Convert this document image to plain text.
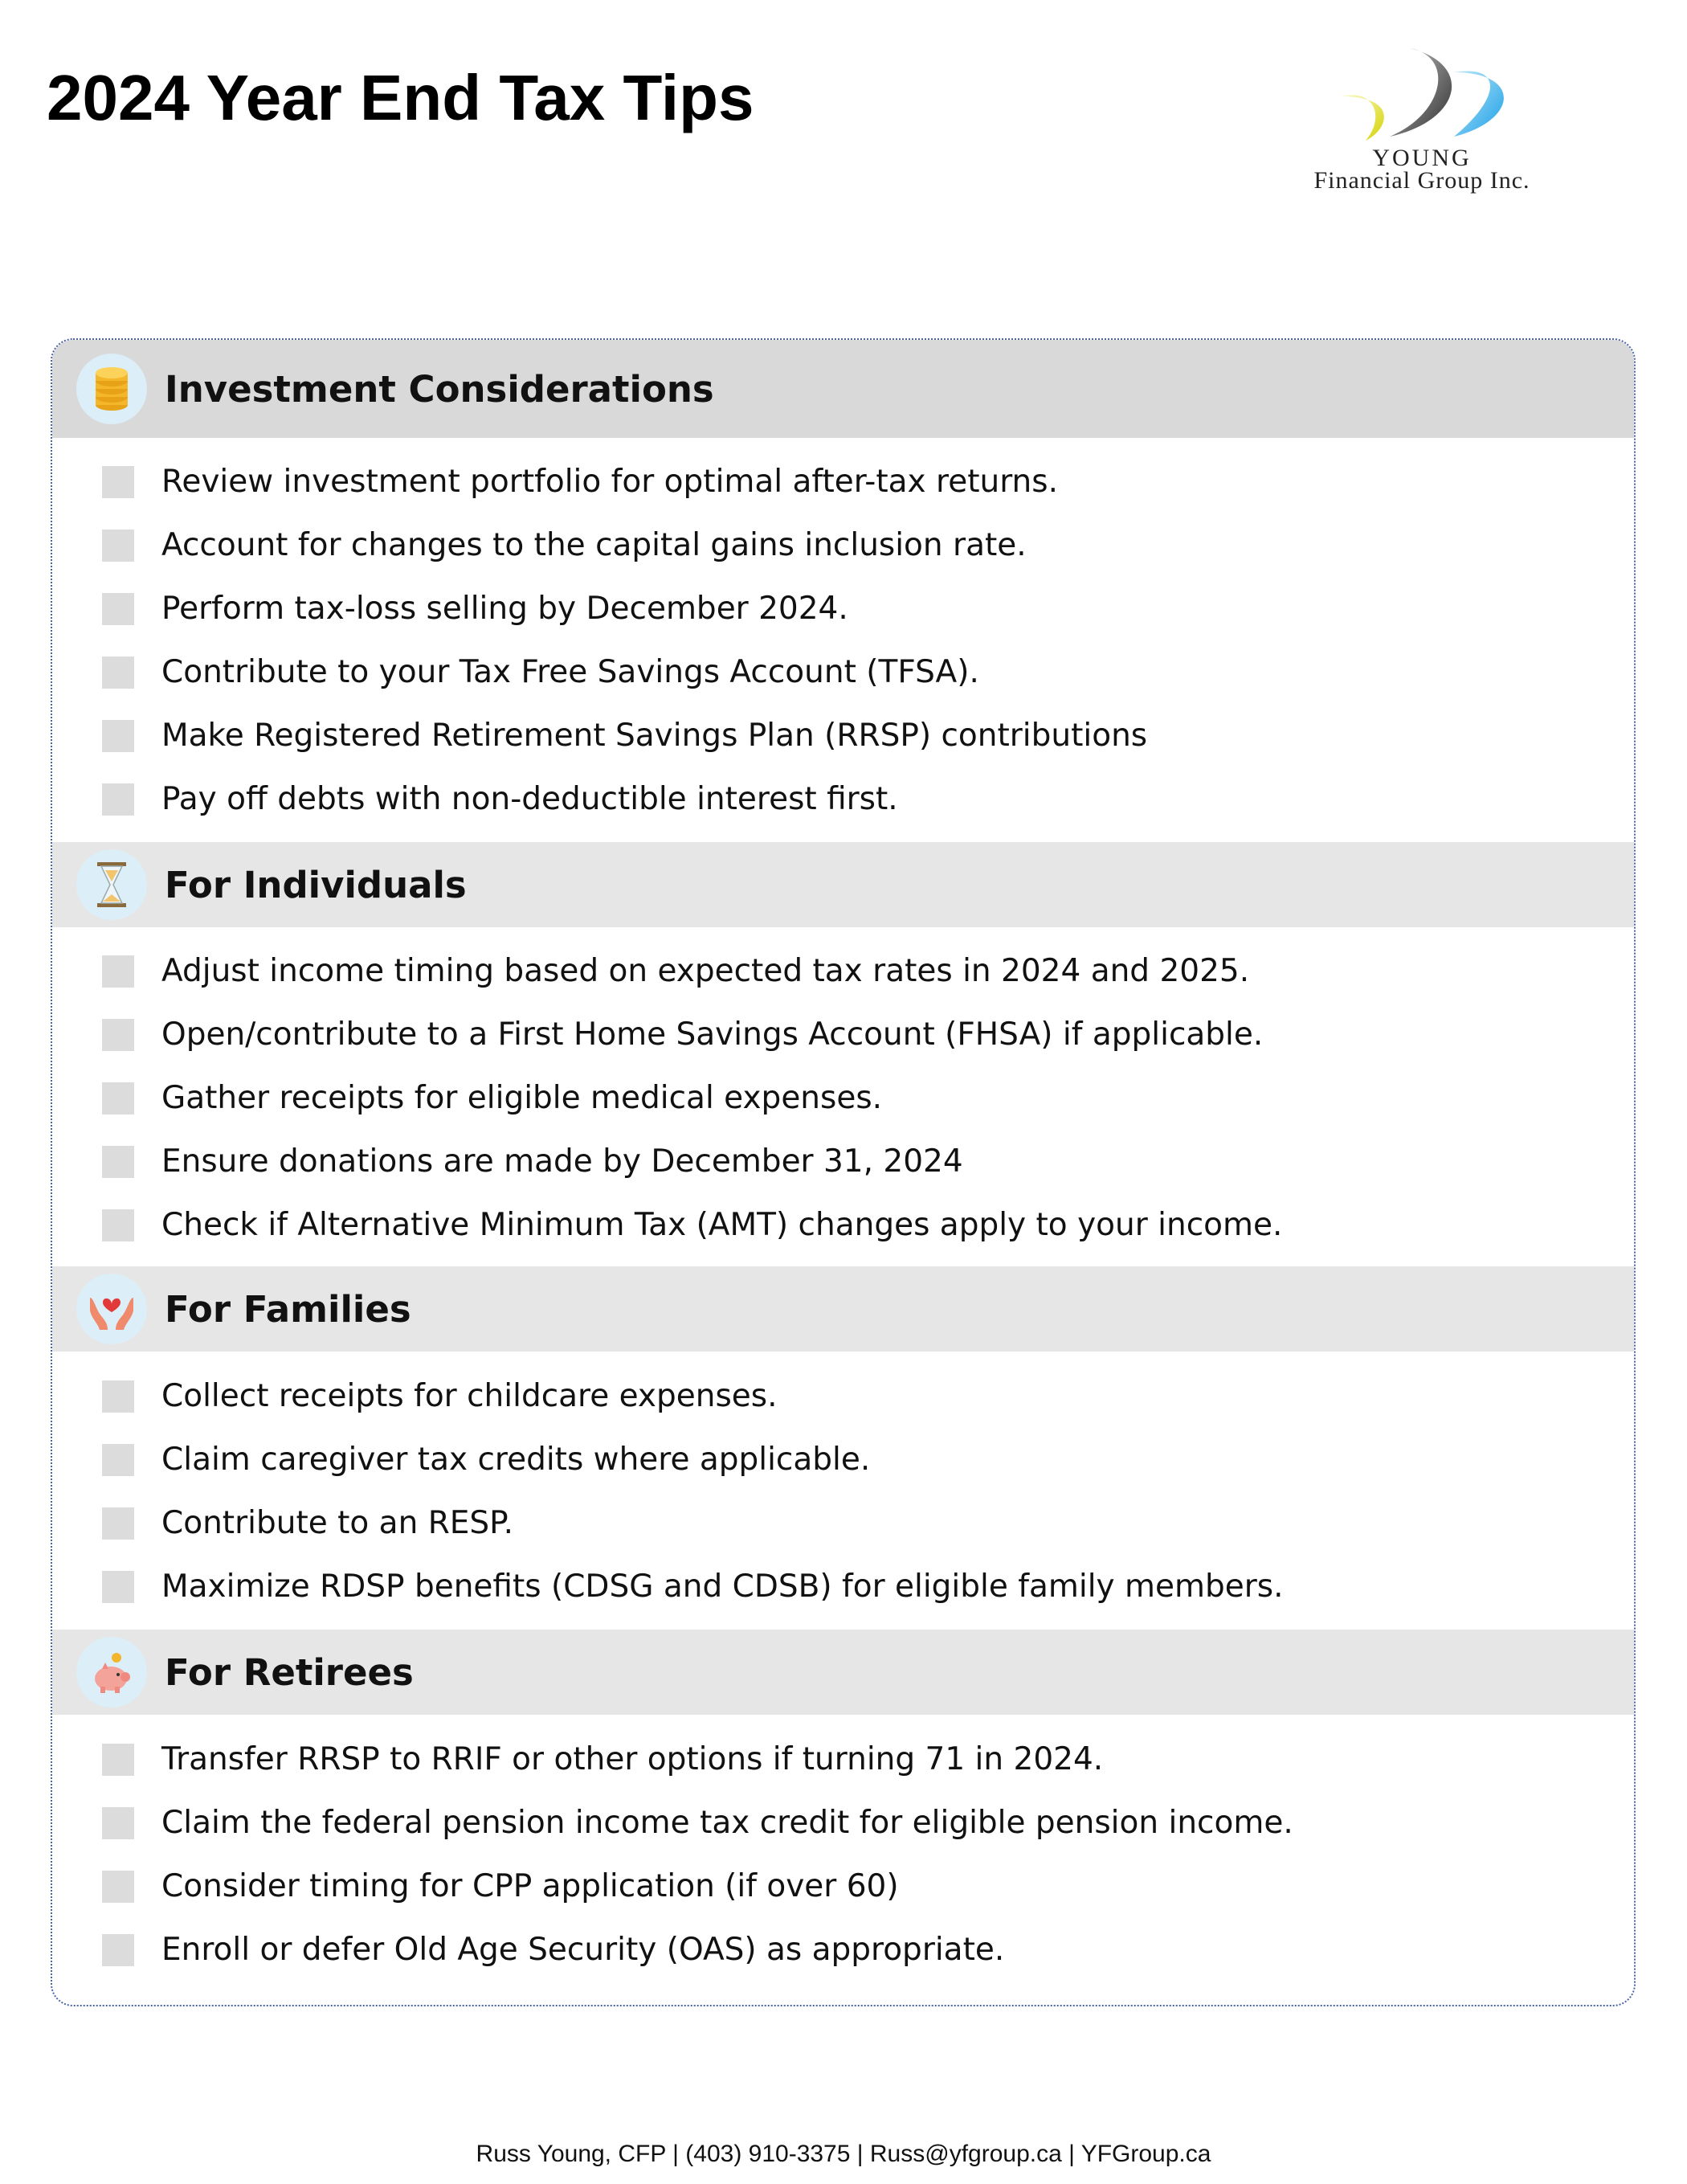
2024 Year End Tax Tips
YOUNG
Financial Group Inc.
Investment Considerations
Review investment portfolio for optimal after-tax returns.
Account for changes to the capital gains inclusion rate.
Perform tax-loss selling by December 2024.
Contribute to your Tax Free Savings Account (TFSA).
Make Registered Retirement Savings Plan (RRSP) contributions
Pay off debts with non-deductible interest first.
For Individuals
Adjust income timing based on expected tax rates in 2024 and 2025.
Open/contribute to a First Home Savings Account (FHSA) if applicable.
Gather receipts for eligible medical expenses.
Ensure donations are made by December 31, 2024
Check if Alternative Minimum Tax (AMT) changes apply to your income.
For Families
Collect receipts for childcare expenses.
Claim caregiver tax credits where applicable.
Contribute to an RESP.
Maximize RDSP benefits (CDSG and CDSB) for eligible family members.
For Retirees
Transfer RRSP to RRIF or other options if turning 71 in 2024.
Claim the federal pension income tax credit for eligible pension income.
Consider timing for CPP application (if over 60)
Enroll or defer Old Age Security (OAS) as appropriate.
Russ Young, CFP | (403) 910-3375 | Russ@yfgroup.ca | YFGroup.ca
